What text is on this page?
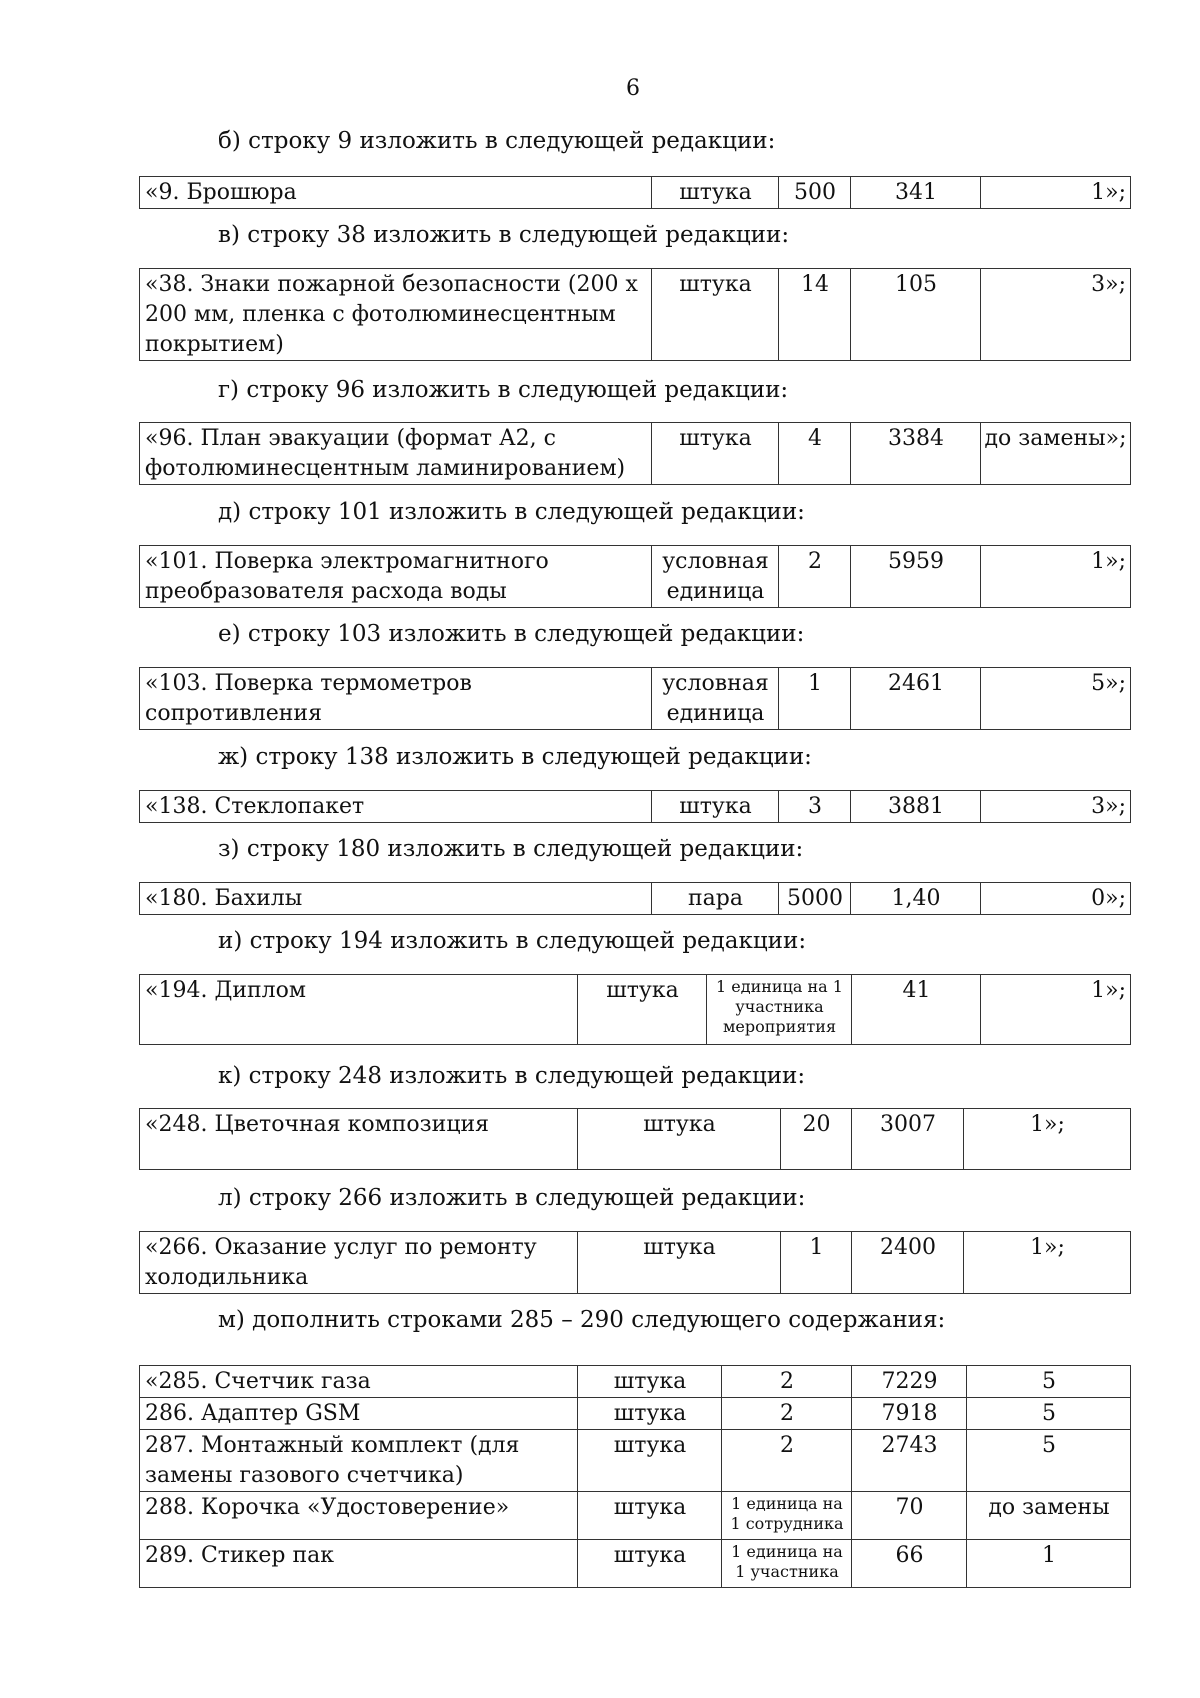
6
б) строку 9 изложить в следующей редакции:
«9. Брошюра	штука	500	341	1»;
в) строку 38 изложить в следующей редакции:
«38. Знаки пожарной безопасности (200 х 200 мм, пленка с фотолюминесцентным покрытием)	штука	14	105	3»;
г) строку 96 изложить в следующей редакции:
«96. План эвакуации (формат А2, с фотолюминесцентным ламинированием)	штука	4	3384	до замены»;
д) строку 101 изложить в следующей редакции:
«101. Поверка электромагнитного преобразователя расхода воды	условная единица	2	5959	1»;
е) строку 103 изложить в следующей редакции:
«103. Поверка термометров сопротивления	условная единица	1	2461	5»;
ж) строку 138 изложить в следующей редакции:
«138. Стеклопакет	штука	3	3881	3»;
з) строку 180 изложить в следующей редакции:
«180. Бахилы	пара	5000	1,40	0»;
и) строку 194 изложить в следующей редакции:
«194. Диплом	штука	1 единица на 1 участника мероприятия	41	1»;
к) строку 248 изложить в следующей редакции:
«248. Цветочная композиция	штука	20	3007	1»;
л) строку 266 изложить в следующей редакции:
«266. Оказание услуг по ремонту холодильника	штука	1	2400	1»;
м) дополнить строками 285 – 290 следующего содержания:
«285. Счетчик газа	штука	2	7229	5
286. Адаптер GSM	штука	2	7918	5
287. Монтажный комплект (для замены газового счетчика)	штука	2	2743	5
288. Корочка «Удостоверение»	штука	1 единица на 1 сотрудника	70	до замены
289. Стикер пак	штука	1 единица на 1 участника	66	1
